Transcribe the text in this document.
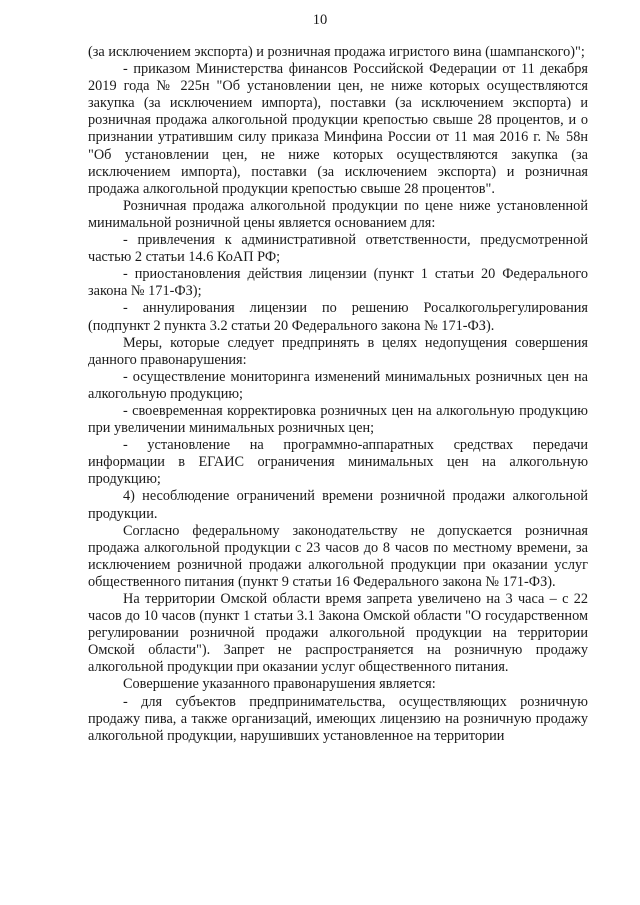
10

(за исключением экспорта) и розничная продажа игристого вина (шампанского)";

- приказом Министерства финансов Российской Федерации от 11 декабря 2019 года № 225н "Об установлении цен, не ниже которых осуществляются закупка (за исключением импорта), поставки (за исключением экспорта) и розничная продажа алкогольной продукции крепостью свыше 28 процентов, и о признании утратившим силу приказа Минфина России от 11 мая 2016 г. № 58н "Об установлении цен, не ниже которых осуществляются закупка (за исключением импорта), поставки (за исключением экспорта) и розничная продажа алкогольной продукции крепостью свыше 28 процентов".

Розничная продажа алкогольной продукции по цене ниже установленной минимальной розничной цены является основанием для:

- привлечения к административной ответственности, предусмотренной частью 2 статьи 14.6 КоАП РФ;

- приостановления действия лицензии (пункт 1 статьи 20 Федерального закона № 171-ФЗ);

- аннулирования лицензии по решению Росалкогольрегулирования (подпункт 2 пункта 3.2 статьи 20 Федерального закона № 171-ФЗ).

Меры, которые следует предпринять в целях недопущения совершения данного правонарушения:

- осуществление мониторинга изменений минимальных розничных цен на алкогольную продукцию;

- своевременная корректировка розничных цен на алкогольную продукцию при увеличении минимальных розничных цен;

- установление на программно-аппаратных средствах передачи информации в ЕГАИС ограничения минимальных цен на алкогольную продукцию;

4) несоблюдение ограничений времени розничной продажи алкогольной продукции.

Согласно федеральному законодательству не допускается розничная продажа алкогольной продукции с 23 часов до 8 часов по местному времени, за исключением розничной продажи алкогольной продукции при оказании услуг общественного питания (пункт 9 статьи 16 Федерального закона № 171-ФЗ).

На территории Омской области время запрета увеличено на 3 часа – с 22 часов до 10 часов (пункт 1 статьи 3.1 Закона Омской области "О государственном регулировании розничной продажи алкогольной продукции на территории Омской области"). Запрет не распространяется на розничную продажу алкогольной продукции при оказании услуг общественного питания.

Совершение указанного правонарушения является:

- для субъектов предпринимательства, осуществляющих розничную продажу пива, а также организаций, имеющих лицензию на розничную продажу алкогольной продукции, нарушивших установленное на территории
